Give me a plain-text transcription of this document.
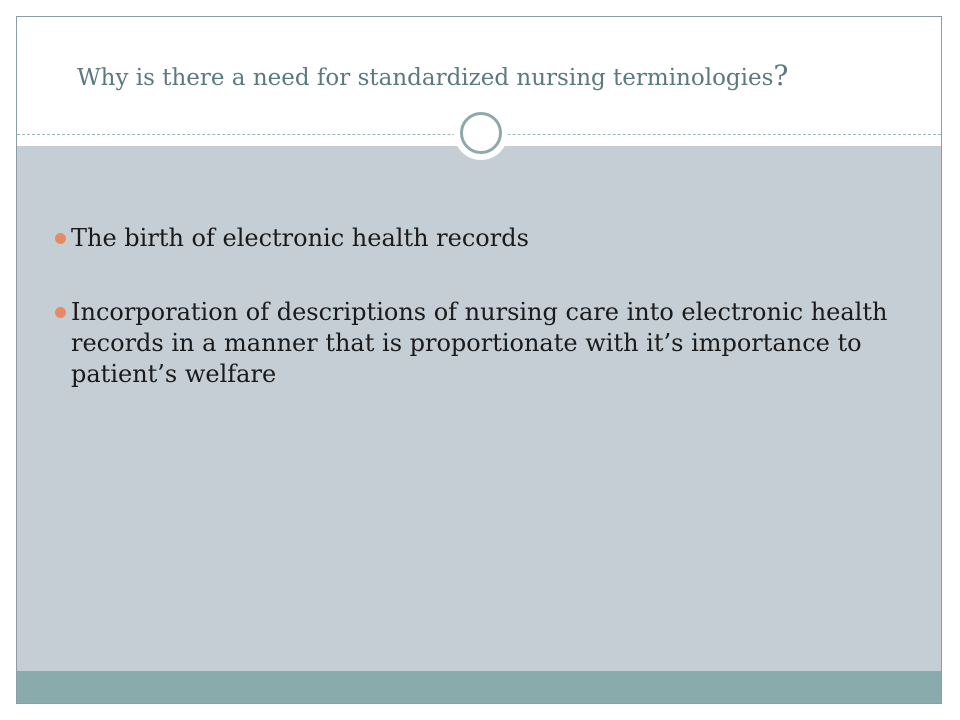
Why is there a need for standardized nursing terminologies?
The birth of electronic health records
Incorporation of descriptions of nursing care into electronic health records in a manner that is proportionate with it’s importance to patient’s welfare
